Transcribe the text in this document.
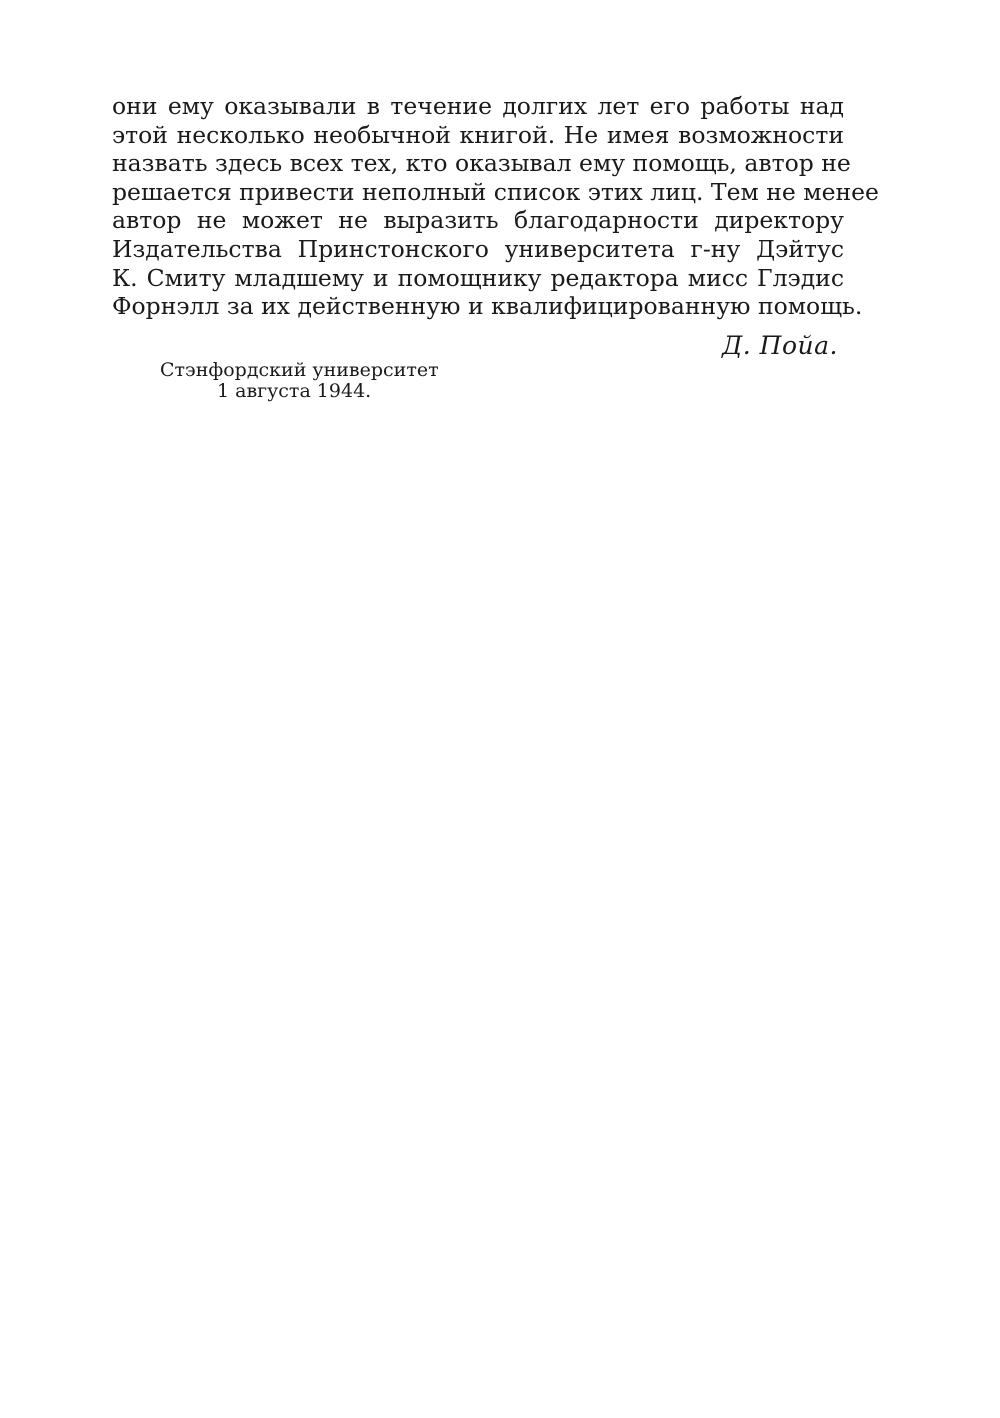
они ему оказывали в течение долгих лет его работы над
этой несколько необычной книгой. Не имея возможности
назвать здесь всех тех, кто оказывал ему помощь, автор не
решается привести неполный список этих лиц. Тем не менее
автор не может не выразить благодарности директору
Издательства Принстонского университета г-ну Дэйтус
К. Смиту младшему и помощнику редактора мисс Глэдис
Форнэлл за их действенную и квалифицированную помощь.
Д. Пойа.
Стэнфордский университет
1 августа 1944.
